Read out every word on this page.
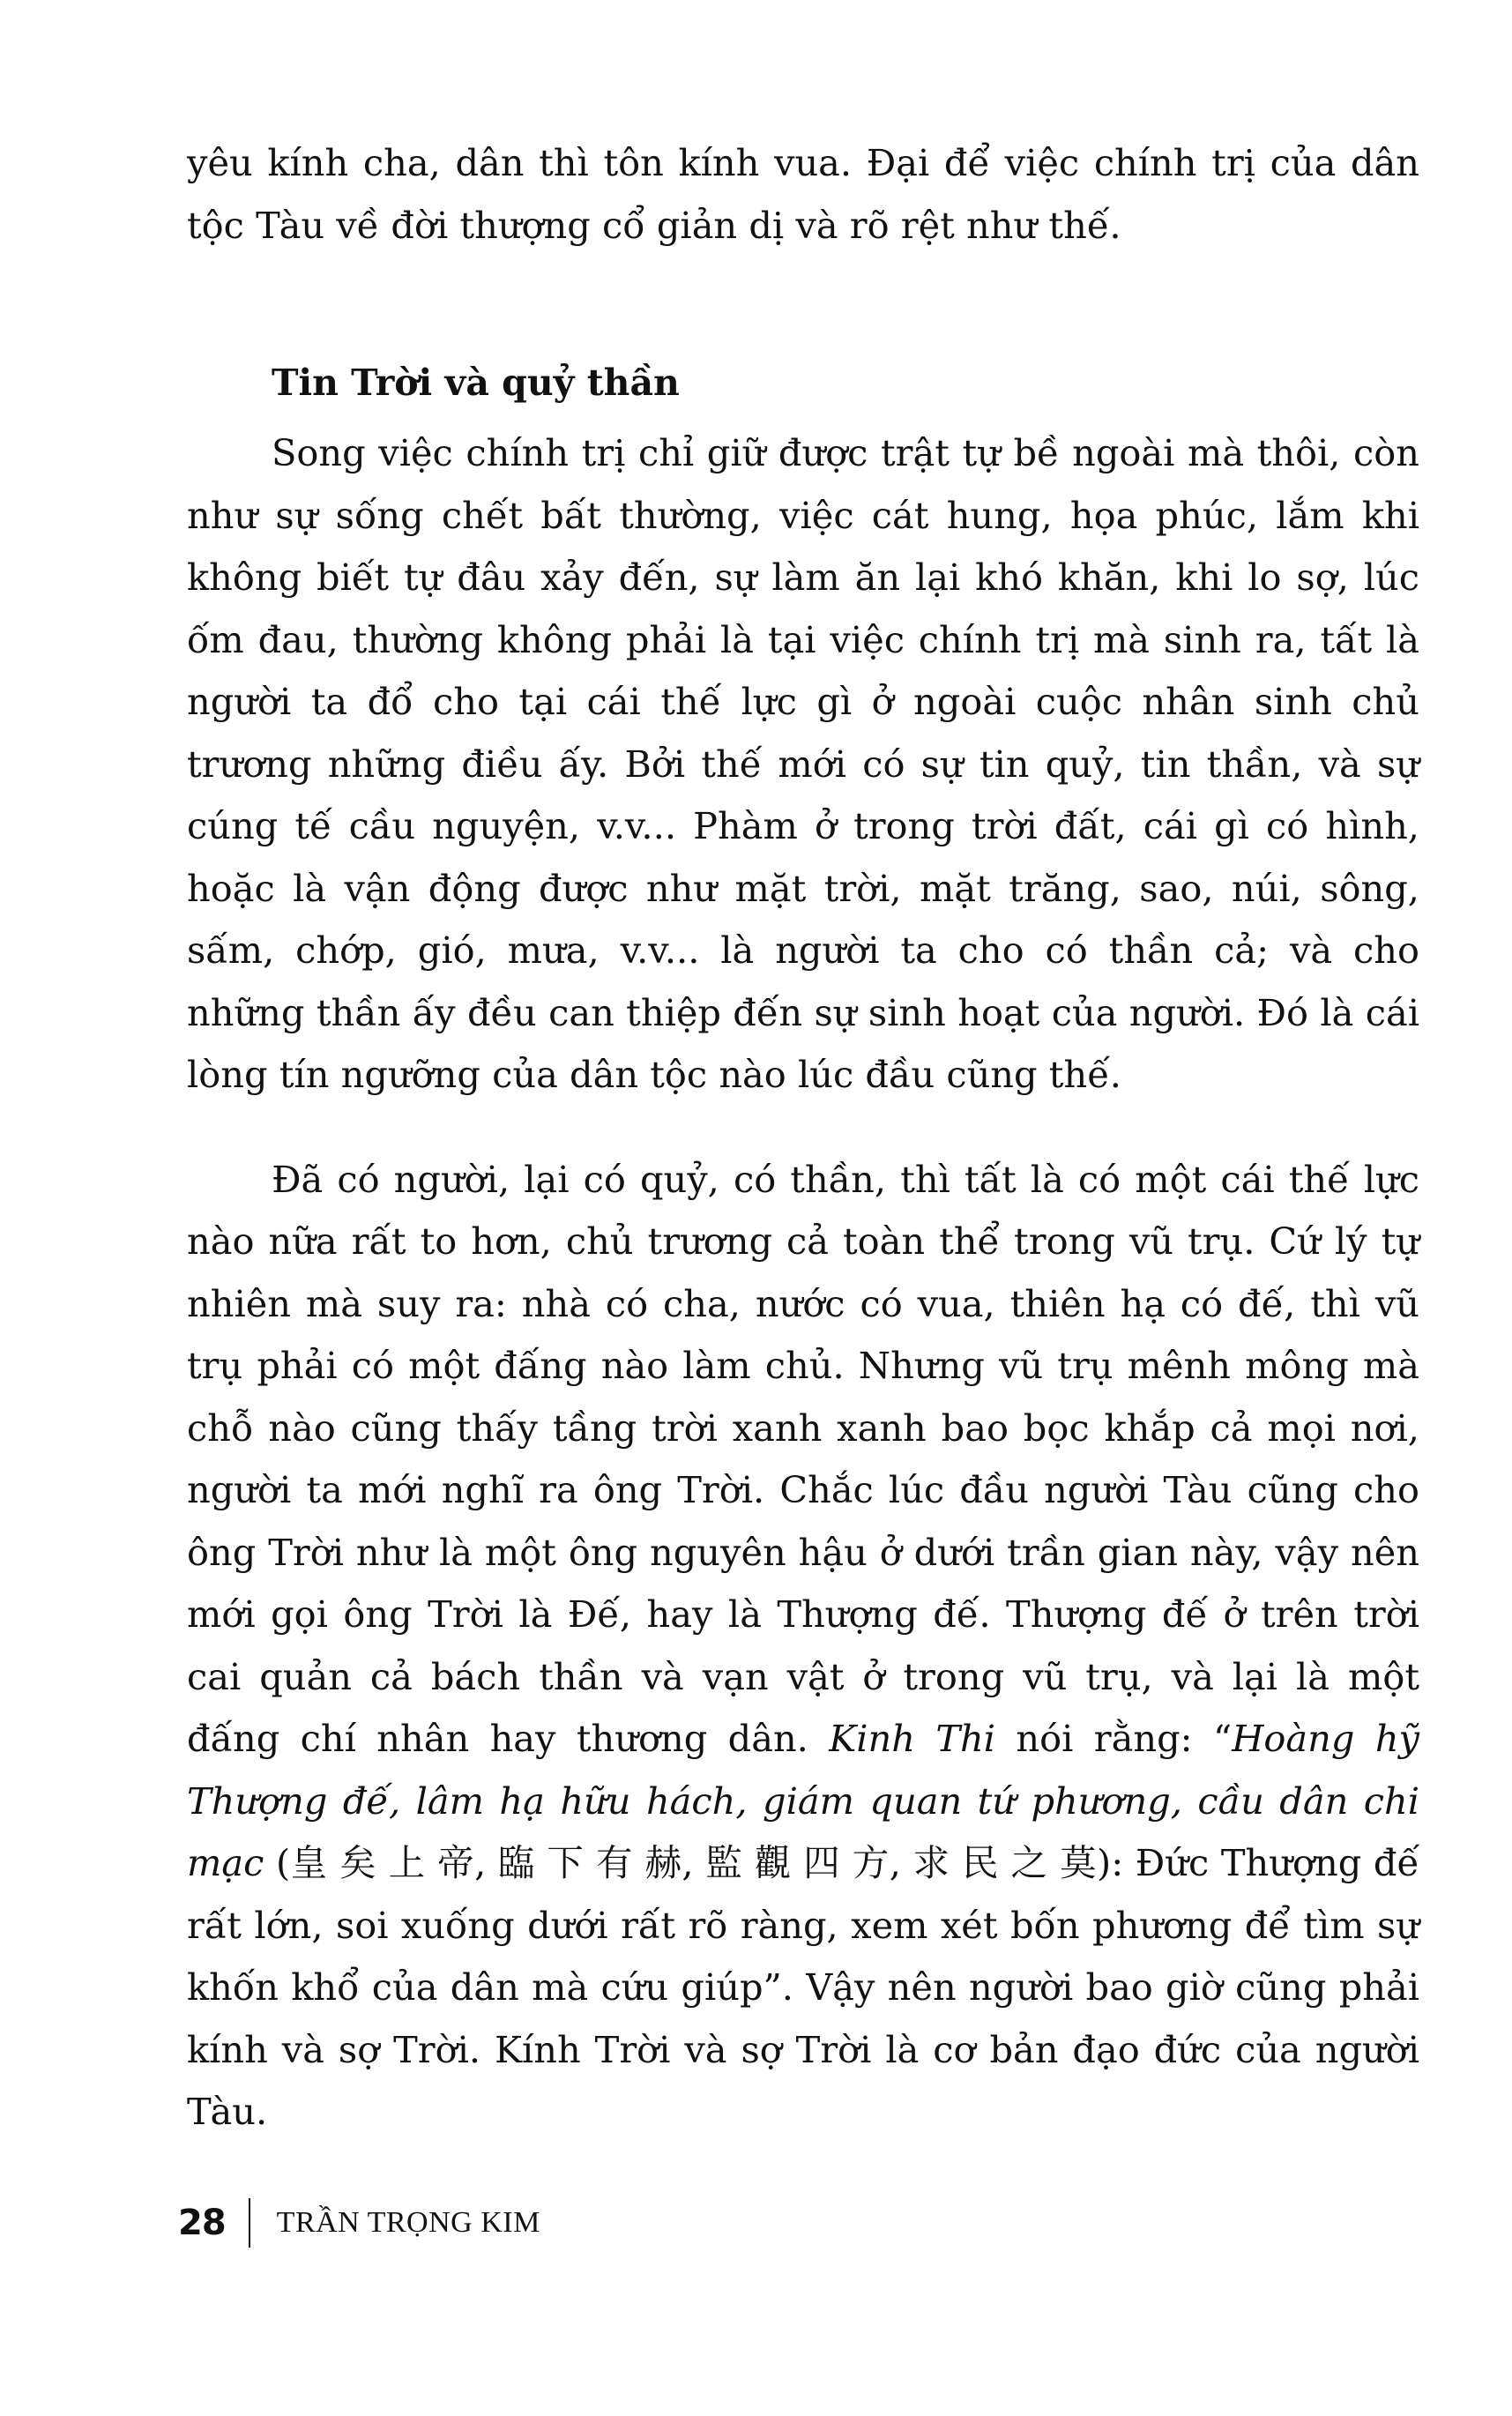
yêu kính cha, dân thì tôn kính vua. Đại để việc chính trị của dân tộc Tàu về đời thượng cổ giản dị và rõ rệt như thế.

Tin Trời và quỷ thần

Song việc chính trị chỉ giữ được trật tự bề ngoài mà thôi, còn như sự sống chết bất thường, việc cát hung, họa phúc, lắm khi không biết tự đâu xảy đến, sự làm ăn lại khó khăn, khi lo sợ, lúc ốm đau, thường không phải là tại việc chính trị mà sinh ra, tất là người ta đổ cho tại cái thế lực gì ở ngoài cuộc nhân sinh chủ trương những điều ấy. Bởi thế mới có sự tin quỷ, tin thần, và sự cúng tế cầu nguyện, v.v... Phàm ở trong trời đất, cái gì có hình, hoặc là vận động được như mặt trời, mặt trăng, sao, núi, sông, sấm, chớp, gió, mưa, v.v... là người ta cho có thần cả; và cho những thần ấy đều can thiệp đến sự sinh hoạt của người. Đó là cái lòng tín ngưỡng của dân tộc nào lúc đầu cũng thế.

Đã có người, lại có quỷ, có thần, thì tất là có một cái thế lực nào nữa rất to hơn, chủ trương cả toàn thể trong vũ trụ. Cứ lý tự nhiên mà suy ra: nhà có cha, nước có vua, thiên hạ có đế, thì vũ trụ phải có một đấng nào làm chủ. Nhưng vũ trụ mênh mông mà chỗ nào cũng thấy tầng trời xanh xanh bao bọc khắp cả mọi nơi, người ta mới nghĩ ra ông Trời. Chắc lúc đầu người Tàu cũng cho ông Trời như là một ông nguyên hậu ở dưới trần gian này, vậy nên mới gọi ông Trời là Đế, hay là Thượng đế. Thượng đế ở trên trời cai quản cả bách thần và vạn vật ở trong vũ trụ, và lại là một đấng chí nhân hay thương dân. Kinh Thi nói rằng: “Hoàng hỹ Thượng đế, lâm hạ hữu hách, giám quan tứ phương, cầu dân chi mạc (皇 矣 上 帝, 臨 下 有 赫, 監 觀 四 方, 求 民 之 莫): Đức Thượng đế rất lớn, soi xuống dưới rất rõ ràng, xem xét bốn phương để tìm sự khốn khổ của dân mà cứu giúp”. Vậy nên người bao giờ cũng phải kính và sợ Trời. Kính Trời và sợ Trời là cơ bản đạo đức của người Tàu.

28 TRẦN TRỌNG KIM
